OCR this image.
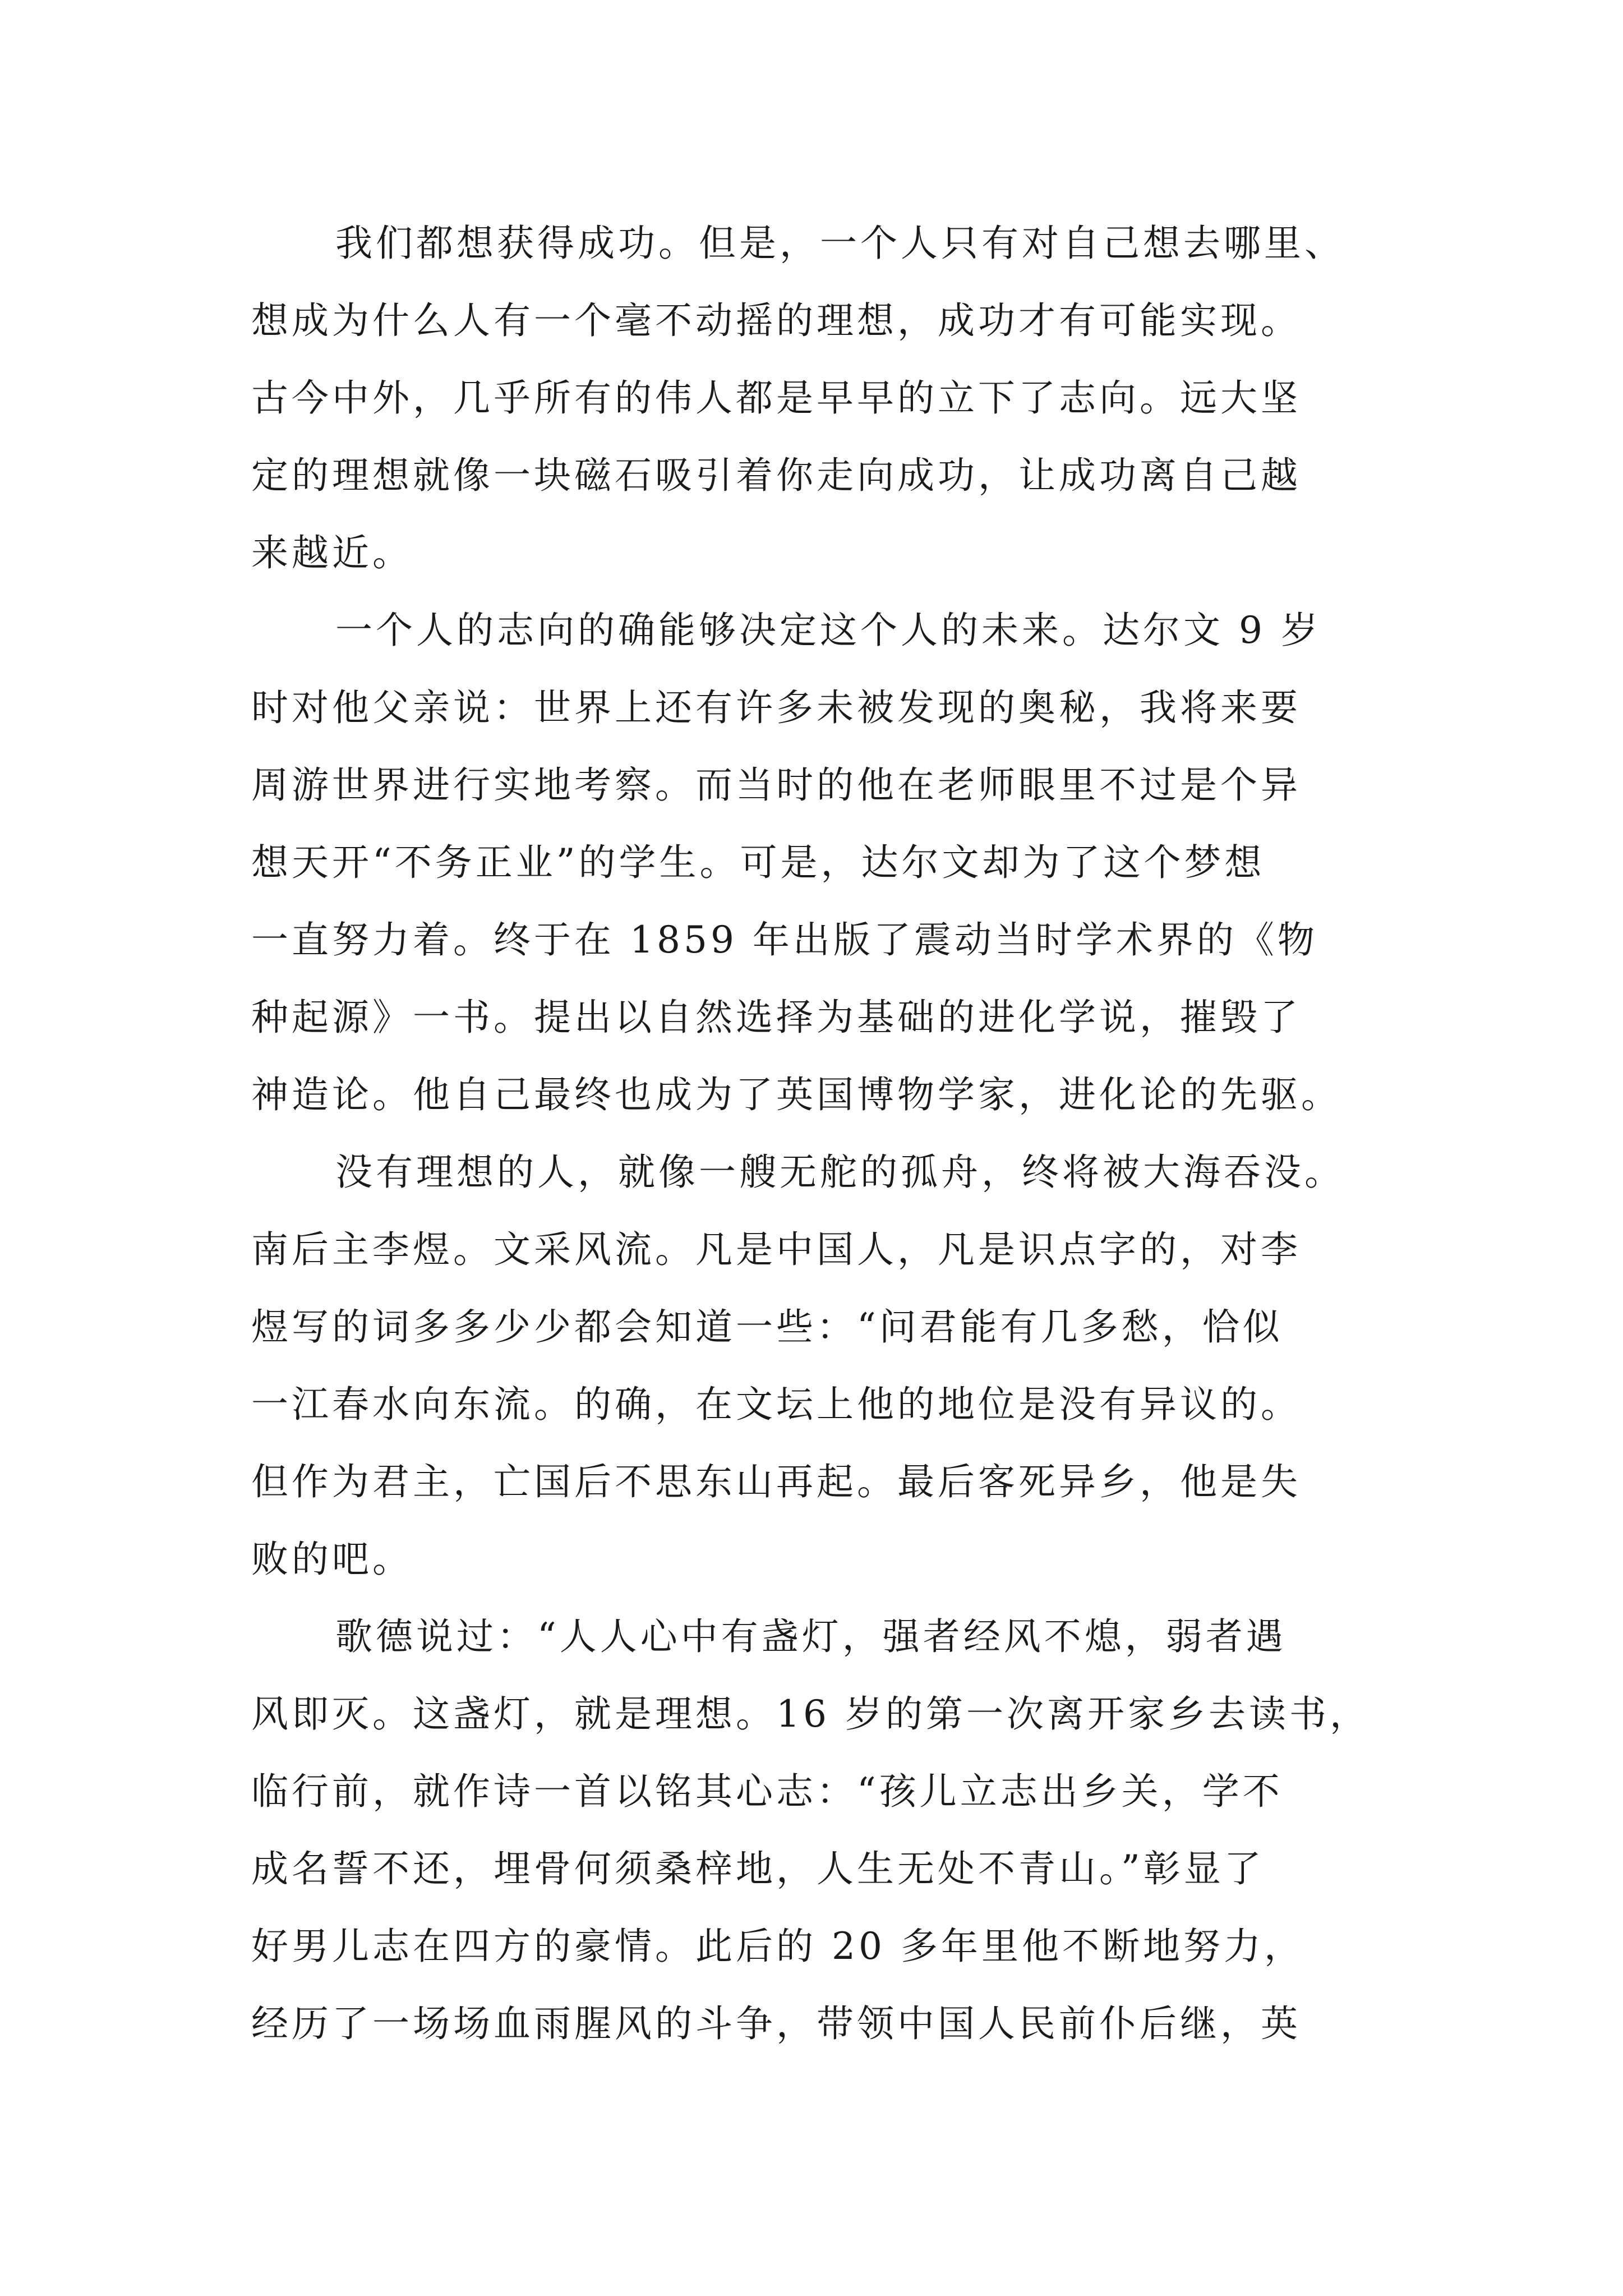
我们都想获得成功。但是，一个人只有对自己想去哪里、
想成为什么人有一个毫不动摇的理想，成功才有可能实现。
古今中外，几乎所有的伟人都是早早的立下了志向。远大坚
定的理想就像一块磁石吸引着你走向成功，让成功离自己越
来越近。
一个人的志向的确能够决定这个人的未来。达尔文 9 岁
时对他父亲说：世界上还有许多未被发现的奥秘，我将来要
周游世界进行实地考察。而当时的他在老师眼里不过是个异
想天开“不务正业”的学生。可是，达尔文却为了这个梦想
一直努力着。终于在 1859 年出版了震动当时学术界的《物
种起源》一书。提出以自然选择为基础的进化学说，摧毁了
神造论。他自己最终也成为了英国博物学家，进化论的先驱。
没有理想的人，就像一艘无舵的孤舟，终将被大海吞没。
南后主李煜。文采风流。凡是中国人，凡是识点字的，对李
煜写的词多多少少都会知道一些：“问君能有几多愁，恰似
一江春水向东流。的确，在文坛上他的地位是没有异议的。
但作为君主，亡国后不思东山再起。最后客死异乡，他是失
败的吧。
歌德说过：“人人心中有盏灯，强者经风不熄，弱者遇
风即灭。这盏灯，就是理想。16 岁的第一次离开家乡去读书，
临行前，就作诗一首以铭其心志：“孩儿立志出乡关，学不
成名誓不还，埋骨何须桑梓地，人生无处不青山。”彰显了
好男儿志在四方的豪情。此后的 20 多年里他不断地努力，
经历了一场场血雨腥风的斗争，带领中国人民前仆后继，英
